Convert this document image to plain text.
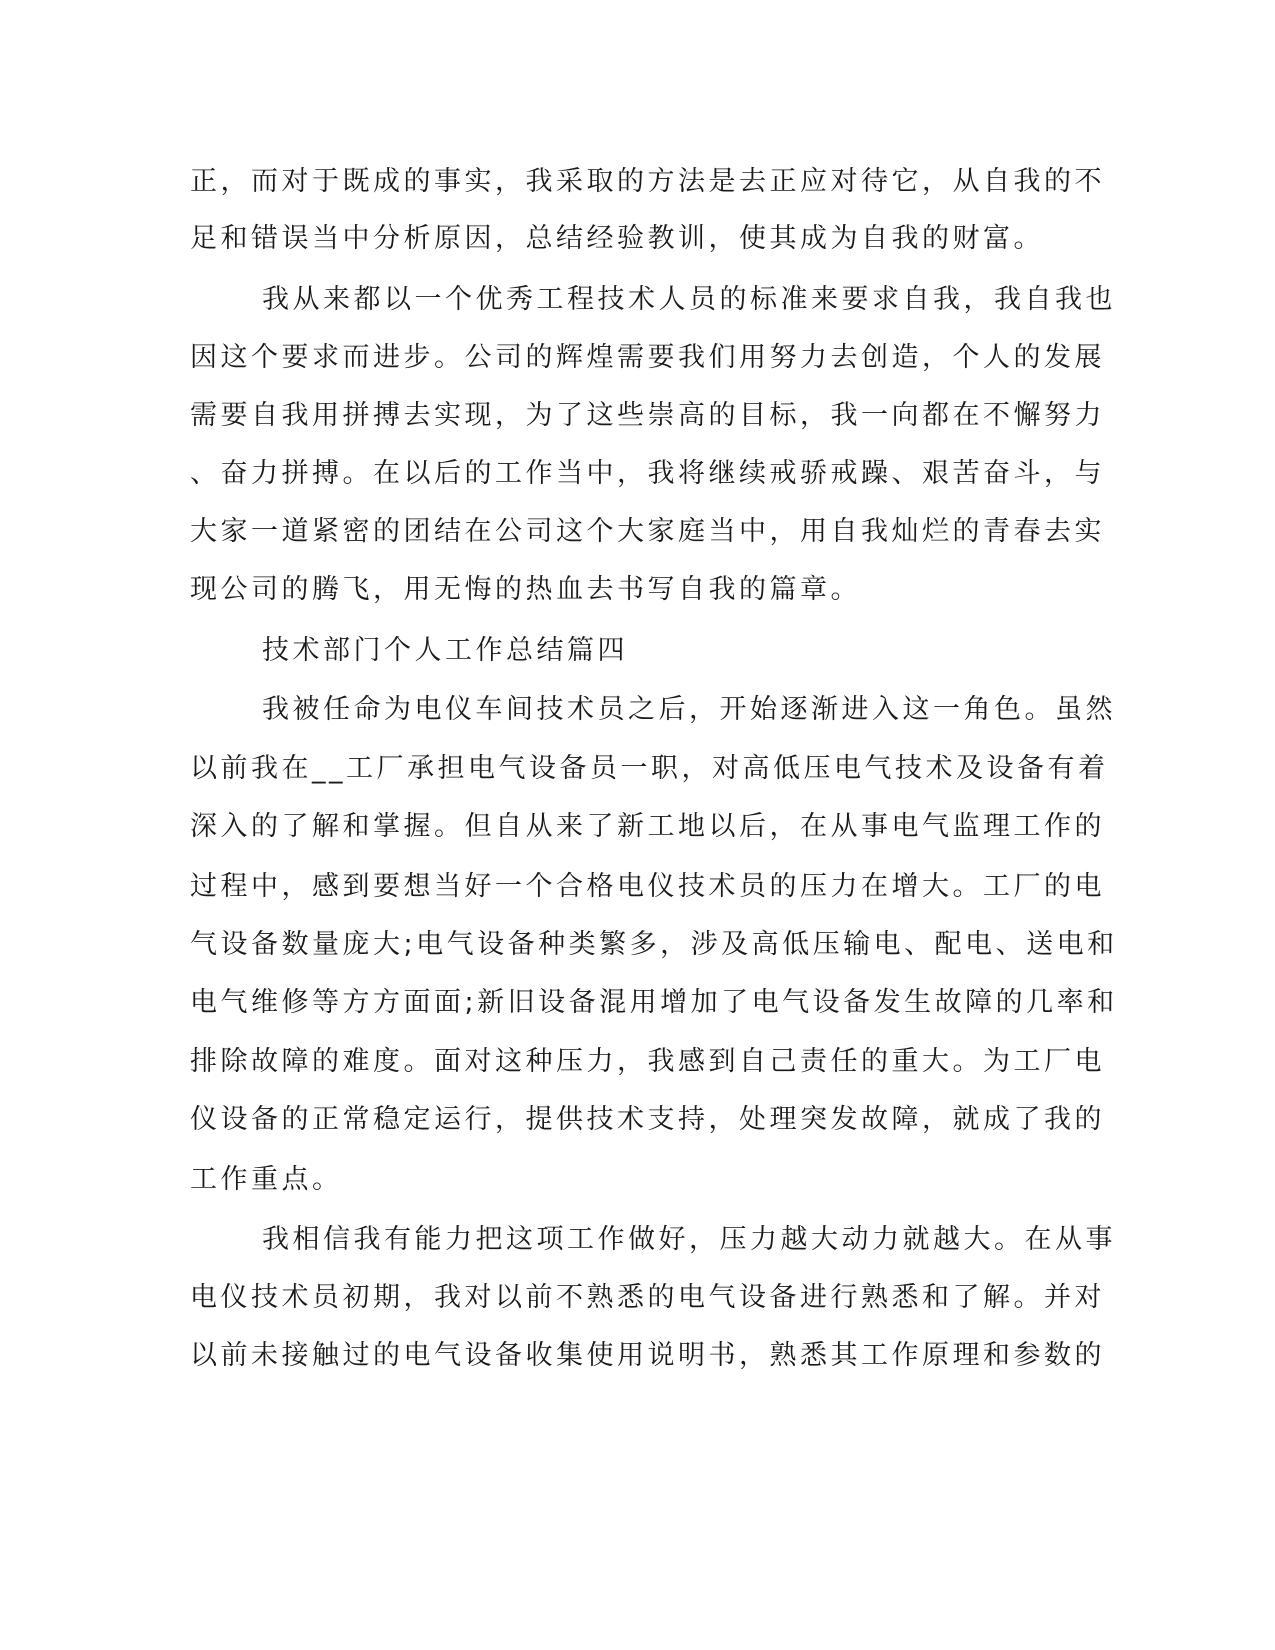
正，而对于既成的事实，我采取的方法是去正应对待它，从自我的不
足和错误当中分析原因，总结经验教训，使其成为自我的财富。
我从来都以一个优秀工程技术人员的标准来要求自我，我自我也
因这个要求而进步。公司的辉煌需要我们用努力去创造，个人的发展
需要自我用拼搏去实现，为了这些崇高的目标，我一向都在不懈努力
、奋力拼搏。在以后的工作当中，我将继续戒骄戒躁、艰苦奋斗，与
大家一道紧密的团结在公司这个大家庭当中，用自我灿烂的青春去实
现公司的腾飞，用无悔的热血去书写自我的篇章。
技术部门个人工作总结篇四
我被任命为电仪车间技术员之后，开始逐渐进入这一角色。虽然
以前我在__工厂承担电气设备员一职，对高低压电气技术及设备有着
深入的了解和掌握。但自从来了新工地以后，在从事电气监理工作的
过程中，感到要想当好一个合格电仪技术员的压力在增大。工厂的电
气设备数量庞大;电气设备种类繁多，涉及高低压输电、配电、送电和
电气维修等方方面面;新旧设备混用增加了电气设备发生故障的几率和
排除故障的难度。面对这种压力，我感到自己责任的重大。为工厂电
仪设备的正常稳定运行，提供技术支持，处理突发故障，就成了我的
工作重点。
我相信我有能力把这项工作做好，压力越大动力就越大。在从事
电仪技术员初期，我对以前不熟悉的电气设备进行熟悉和了解。并对
以前未接触过的电气设备收集使用说明书，熟悉其工作原理和参数的
